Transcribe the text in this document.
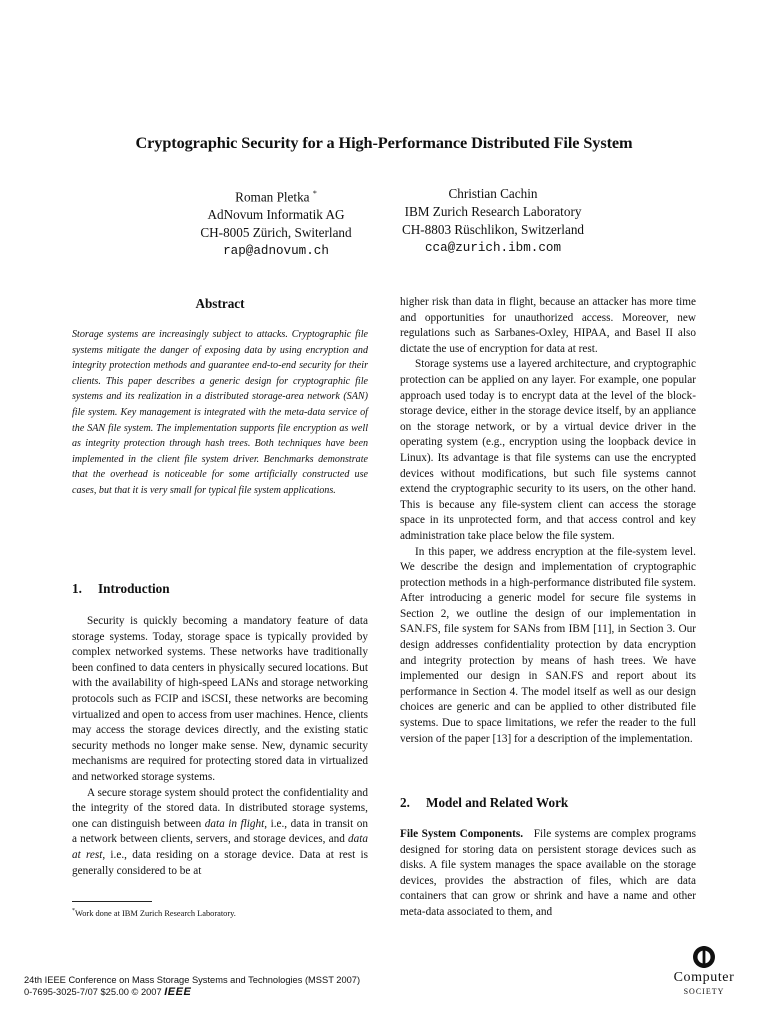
Cryptographic Security for a High-Performance Distributed File System
Roman Pletka *
AdNovum Informatik AG
CH-8005 Zürich, Switerland
rap@adnovum.ch
Christian Cachin
IBM Zurich Research Laboratory
CH-8803 Rüschlikon, Switzerland
cca@zurich.ibm.com
Abstract
Storage systems are increasingly subject to attacks. Cryptographic file systems mitigate the danger of exposing data by using encryption and integrity protection methods and guarantee end-to-end security for their clients. This paper describes a generic design for cryptographic file systems and its realization in a distributed storage-area network (SAN) file system. Key management is integrated with the meta-data service of the SAN file system. The implementation supports file encryption as well as integrity protection through hash trees. Both techniques have been implemented in the client file system driver. Benchmarks demonstrate that the overhead is noticeable for some artificially constructed use cases, but that it is very small for typical file system applications.
1. Introduction

Security is quickly becoming a mandatory feature of data storage systems. Today, storage space is typically provided by complex networked systems. These networks have traditionally been confined to data centers in physically secured locations. But with the availability of high-speed LANs and storage networking protocols such as FCIP and iSCSI, these networks are becoming virtualized and open to access from user machines. Hence, clients may access the storage devices directly, and the existing static security methods no longer make sense. New, dynamic security mechanisms are required for protecting stored data in virtualized and networked storage systems.

A secure storage system should protect the confidentiality and the integrity of the stored data. In distributed storage systems, one can distinguish between data in flight, i.e., data in transit on a network between clients, servers, and storage devices, and data at rest, i.e., data residing on a storage device. Data at rest is generally considered to be at

higher risk than data in flight, because an attacker has more time and opportunities for unauthorized access. Moreover, new regulations such as Sarbanes-Oxley, HIPAA, and Basel II also dictate the use of encryption for data at rest.

Storage systems use a layered architecture, and cryptographic protection can be applied on any layer. For example, one popular approach used today is to encrypt data at the level of the block-storage device, either in the storage device itself, by an appliance on the storage network, or by a virtual device driver in the operating system (e.g., encryption using the loopback device in Linux). Its advantage is that file systems can use the encrypted devices without modifications, but such file systems cannot extend the cryptographic security to its users, on the other hand. This is because any file-system client can access the storage space in its unprotected form, and that access control and key administration take place below the file system.

In this paper, we address encryption at the file-system level. We describe the design and implementation of cryptographic protection methods in a high-performance distributed file system. After introducing a generic model for secure file systems in Section 2, we outline the design of our implementation in SAN.FS, file system for SANs from IBM [11], in Section 3. Our design addresses confidentiality protection by data encryption and integrity protection by means of hash trees. We have implemented our design in SAN.FS and report about its performance in Section 4. The model itself as well as our design choices are generic and can be applied to other distributed file systems. Due to space limitations, we refer the reader to the full version of the paper [13] for a description of the implementation.

2. Model and Related Work

File System Components. File systems are complex programs designed for storing data on persistent storage devices such as disks. A file system manages the space available on the storage devices, provides the abstraction of files, which are data containers that can grow or shrink and have a name and other meta-data associated to them, and

*Work done at IBM Zurich Research Laboratory.
24th IEEE Conference on Mass Storage Systems and Technologies (MSST 2007)
0-7695-3025-7/07 $25.00 © 2007 IEEE
Computer
society
